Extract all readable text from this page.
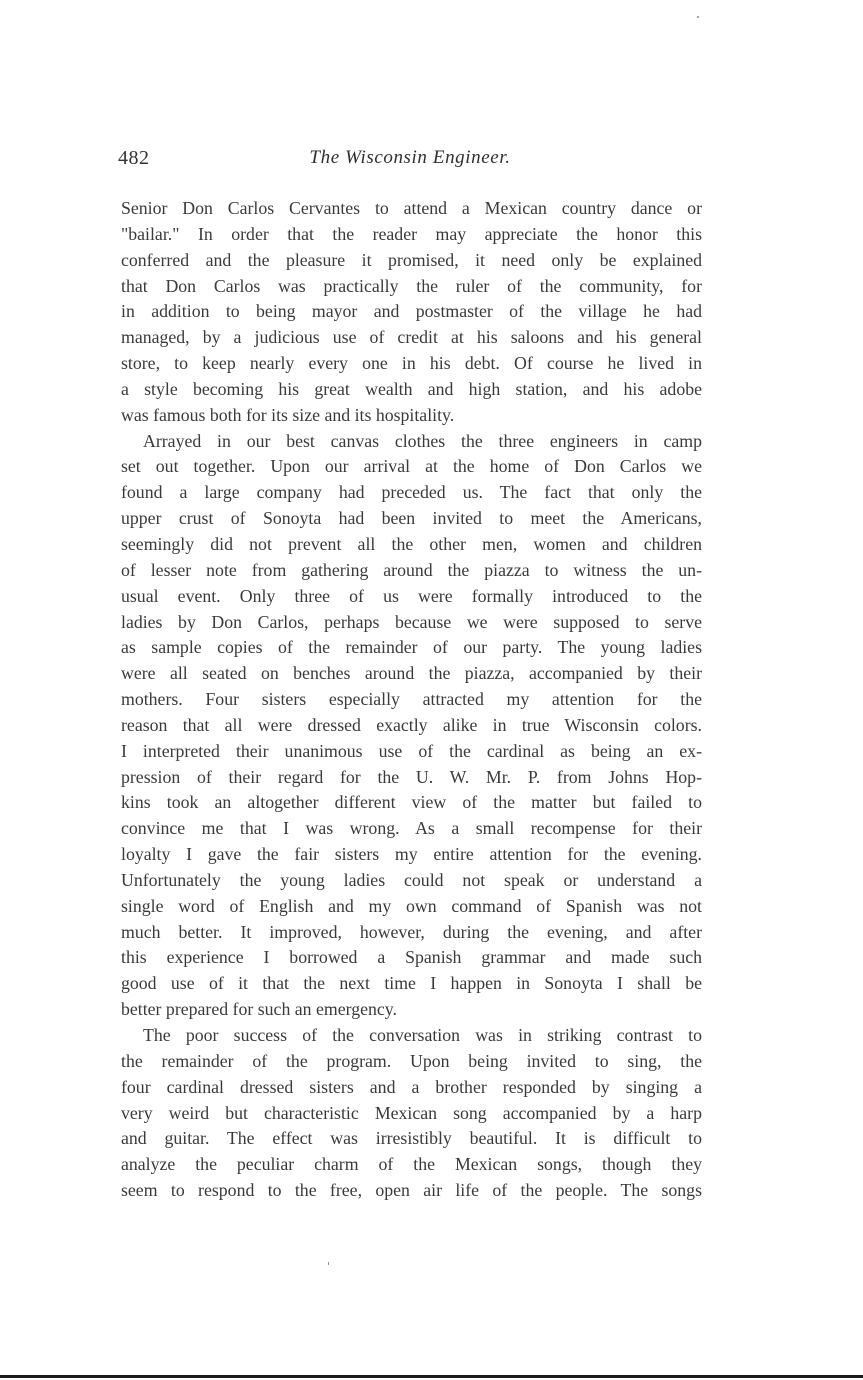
482	The Wisconsin Engineer.
Senior Don Carlos Cervantes to attend a Mexican country dance or
"bailar." In order that the reader may appreciate the honor this
conferred and the pleasure it promised, it need only be explained
that Don Carlos was practically the ruler of the community, for
in addition to being mayor and postmaster of the village he had
managed, by a judicious use of credit at his saloons and his general
store, to keep nearly every one in his debt. Of course he lived in
a style becoming his great wealth and high station, and his adobe
was famous both for its size and its hospitality.
Arrayed in our best canvas clothes the three engineers in camp
set out together. Upon our arrival at the home of Don Carlos we
found a large company had preceded us. The fact that only the
upper crust of Sonoyta had been invited to meet the Americans,
seemingly did not prevent all the other men, women and children
of lesser note from gathering around the piazza to witness the un-
usual event. Only three of us were formally introduced to the
ladies by Don Carlos, perhaps because we were supposed to serve
as sample copies of the remainder of our party. The young ladies
were all seated on benches around the piazza, accompanied by their
mothers. Four sisters especially attracted my attention for the
reason that all were dressed exactly alike in true Wisconsin colors.
I interpreted their unanimous use of the cardinal as being an ex-
pression of their regard for the U. W. Mr. P. from Johns Hop-
kins took an altogether different view of the matter but failed to
convince me that I was wrong. As a small recompense for their
loyalty I gave the fair sisters my entire attention for the evening.
Unfortunately the young ladies could not speak or understand a
single word of English and my own command of Spanish was not
much better. It improved, however, during the evening, and after
this experience I borrowed a Spanish grammar and made such
good use of it that the next time I happen in Sonoyta I shall be
better prepared for such an emergency.
The poor success of the conversation was in striking contrast to
the remainder of the program. Upon being invited to sing, the
four cardinal dressed sisters and a brother responded by singing a
very weird but characteristic Mexican song accompanied by a harp
and guitar. The effect was irresistibly beautiful. It is difficult to
analyze the peculiar charm of the Mexican songs, though they
seem to respond to the free, open air life of the people. The songs
